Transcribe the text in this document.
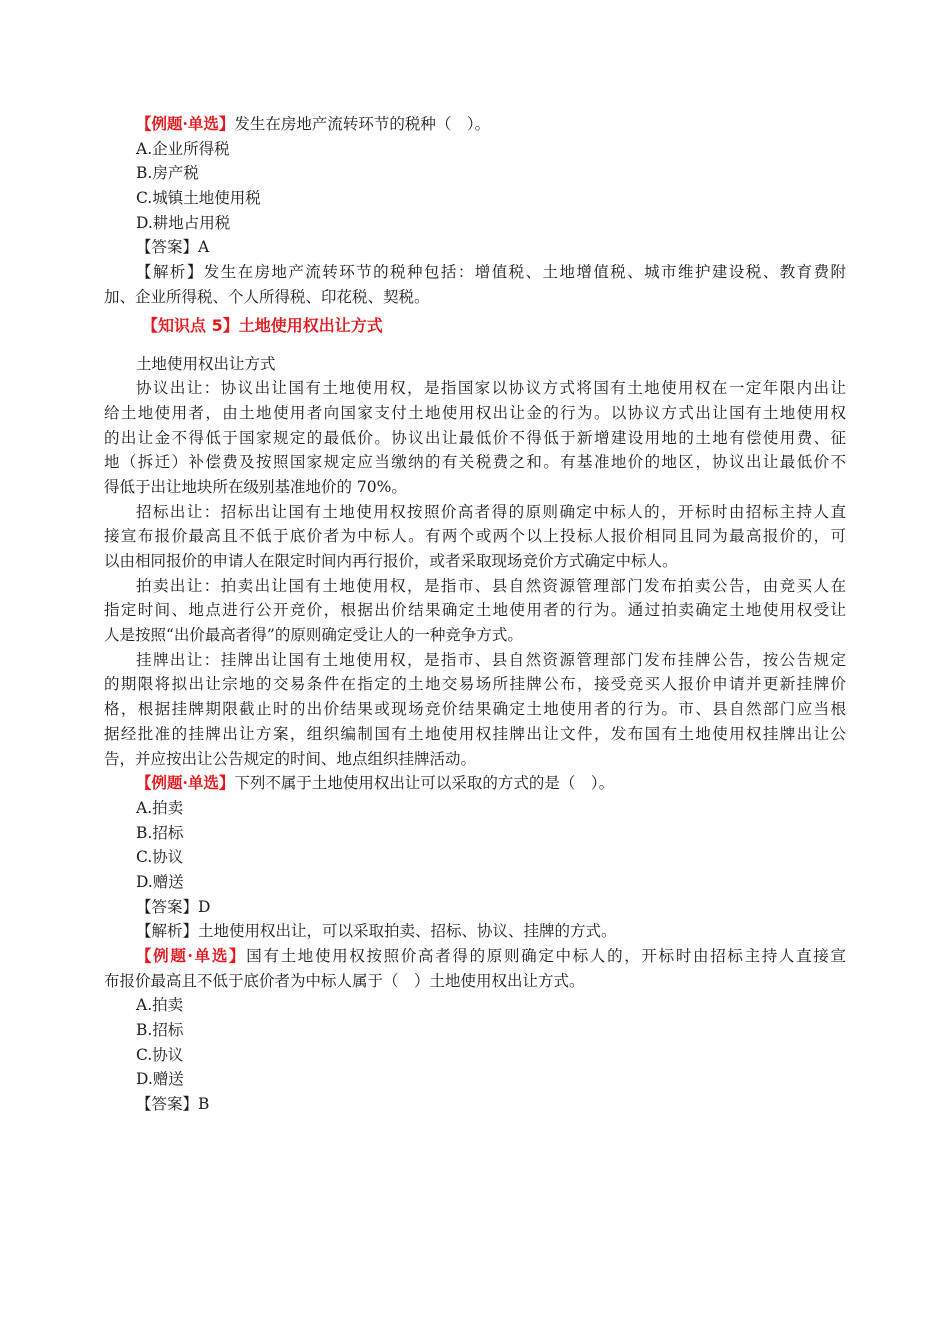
【例题·单选】发生在房地产流转环节的税种（　）。
A.企业所得税
B.房产税
C.城镇土地使用税
D.耕地占用税
【答案】A
【解析】发生在房地产流转环节的税种包括：增值税、土地增值税、城市维护建设税、教育费附
加、企业所得税、个人所得税、印花税、契税。
【知识点 5】土地使用权出让方式
土地使用权出让方式
协议出让：协议出让国有土地使用权，是指国家以协议方式将国有土地使用权在一定年限内出让
给土地使用者，由土地使用者向国家支付土地使用权出让金的行为。以协议方式出让国有土地使用权
的出让金不得低于国家规定的最低价。协议出让最低价不得低于新增建设用地的土地有偿使用费、征
地（拆迁）补偿费及按照国家规定应当缴纳的有关税费之和。有基准地价的地区，协议出让最低价不
得低于出让地块所在级别基准地价的 70%。
招标出让：招标出让国有土地使用权按照价高者得的原则确定中标人的，开标时由招标主持人直
接宣布报价最高且不低于底价者为中标人。有两个或两个以上投标人报价相同且同为最高报价的，可
以由相同报价的申请人在限定时间内再行报价，或者采取现场竞价方式确定中标人。
拍卖出让：拍卖出让国有土地使用权，是指市、县自然资源管理部门发布拍卖公告，由竞买人在
指定时间、地点进行公开竞价，根据出价结果确定土地使用者的行为。通过拍卖确定土地使用权受让
人是按照“出价最高者得”的原则确定受让人的一种竞争方式。
挂牌出让：挂牌出让国有土地使用权，是指市、县自然资源管理部门发布挂牌公告，按公告规定
的期限将拟出让宗地的交易条件在指定的土地交易场所挂牌公布，接受竞买人报价申请并更新挂牌价
格，根据挂牌期限截止时的出价结果或现场竞价结果确定土地使用者的行为。市、县自然部门应当根
据经批准的挂牌出让方案，组织编制国有土地使用权挂牌出让文件，发布国有土地使用权挂牌出让公
告，并应按出让公告规定的时间、地点组织挂牌活动。
【例题·单选】下列不属于土地使用权出让可以采取的方式的是（　）。
A.拍卖
B.招标
C.协议
D.赠送
【答案】D
【解析】土地使用权出让，可以采取拍卖、招标、协议、挂牌的方式。
【例题·单选】国有土地使用权按照价高者得的原则确定中标人的，开标时由招标主持人直接宣
布报价最高且不低于底价者为中标人属于（　）土地使用权出让方式。
A.拍卖
B.招标
C.协议
D.赠送
【答案】B
